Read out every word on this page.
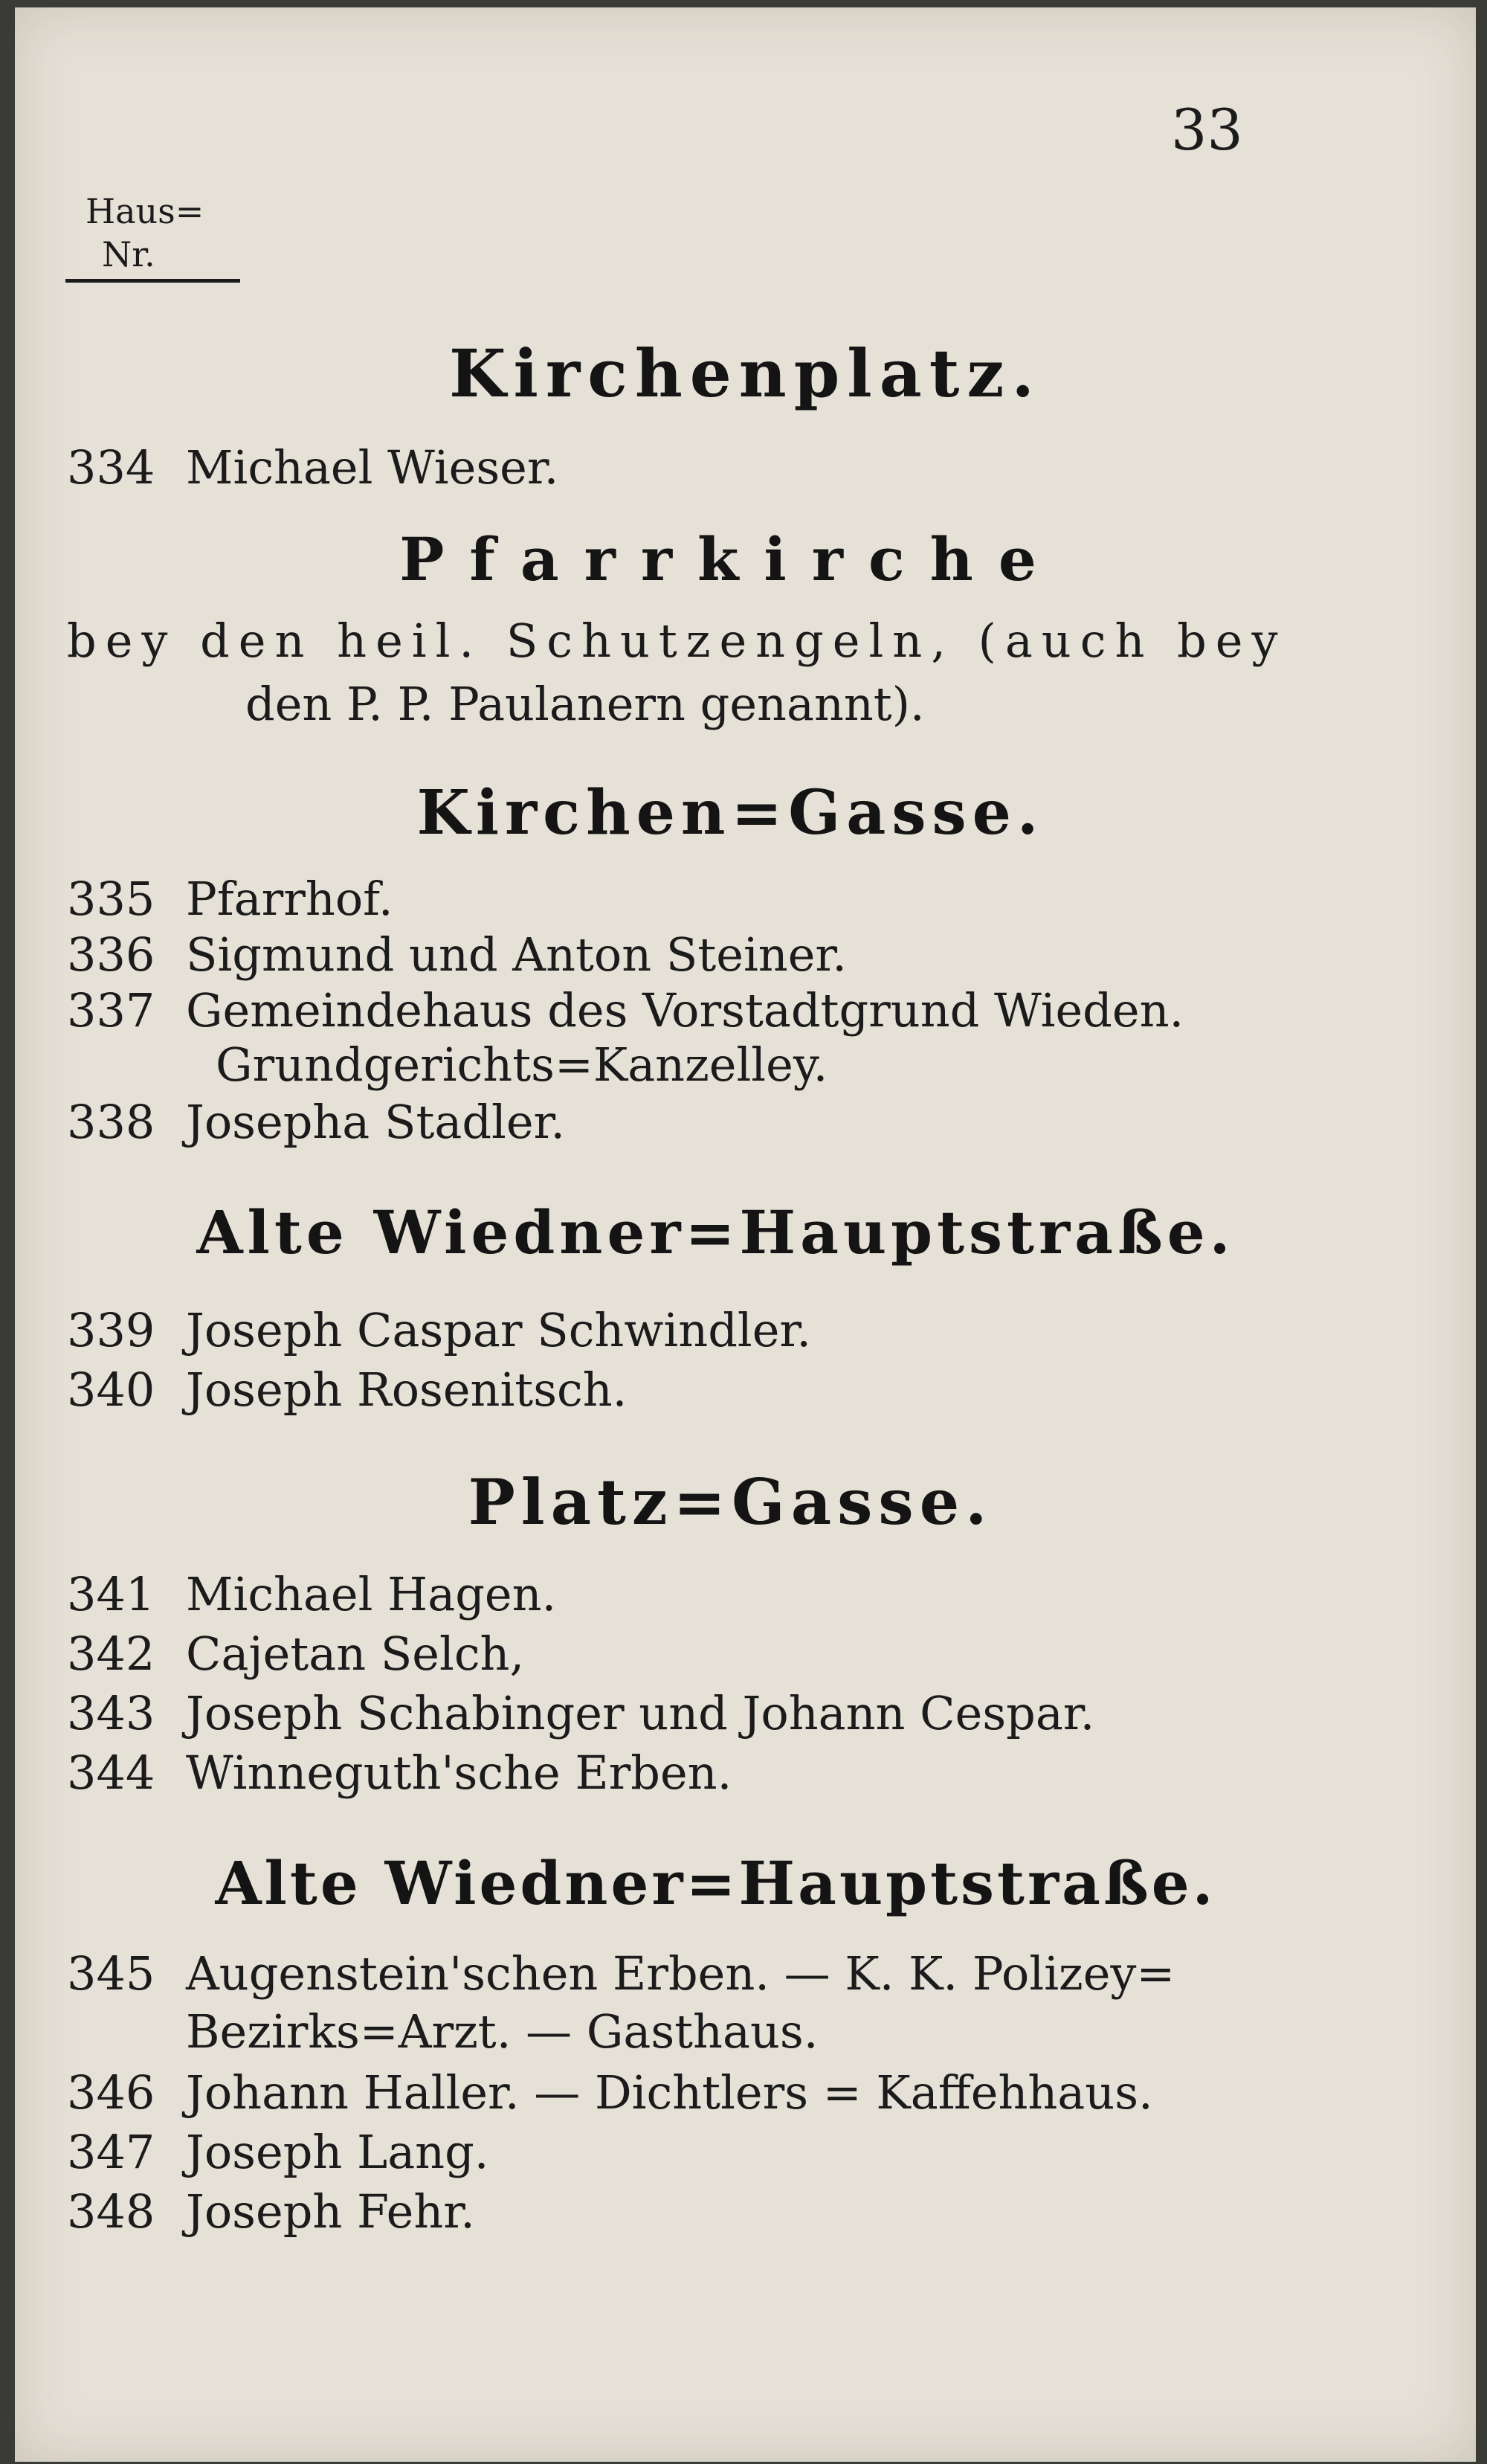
33
Haus=
Nr.
Kirchenplatz.
334 Michael Wieser.
Pfarrkirche
bey den heil. Schutzengeln, (auch bey
den P. P. Paulanern genannt).
Kirchen=Gasse.
335 Pfarrhof.
336 Sigmund und Anton Steiner.
337 Gemeindehaus des Vorstadtgrund Wieden.
Grundgerichts=Kanzelley.
338 Josepha Stadler.
Alte Wiedner=Hauptstraße.
339 Joseph Caspar Schwindler.
340 Joseph Rosenitsch.
Platz=Gasse.
341 Michael Hagen.
342 Cajetan Selch,
343 Joseph Schabinger und Johann Cespar.
344 Winneguth'sche Erben.
Alte Wiedner=Hauptstraße.
345 Augenstein'schen Erben. — K. K. Polizey=
Bezirks=Arzt. — Gasthaus.
346 Johann Haller. — Dichtlers = Kaffehhaus.
347 Joseph Lang.
348 Joseph Fehr.
